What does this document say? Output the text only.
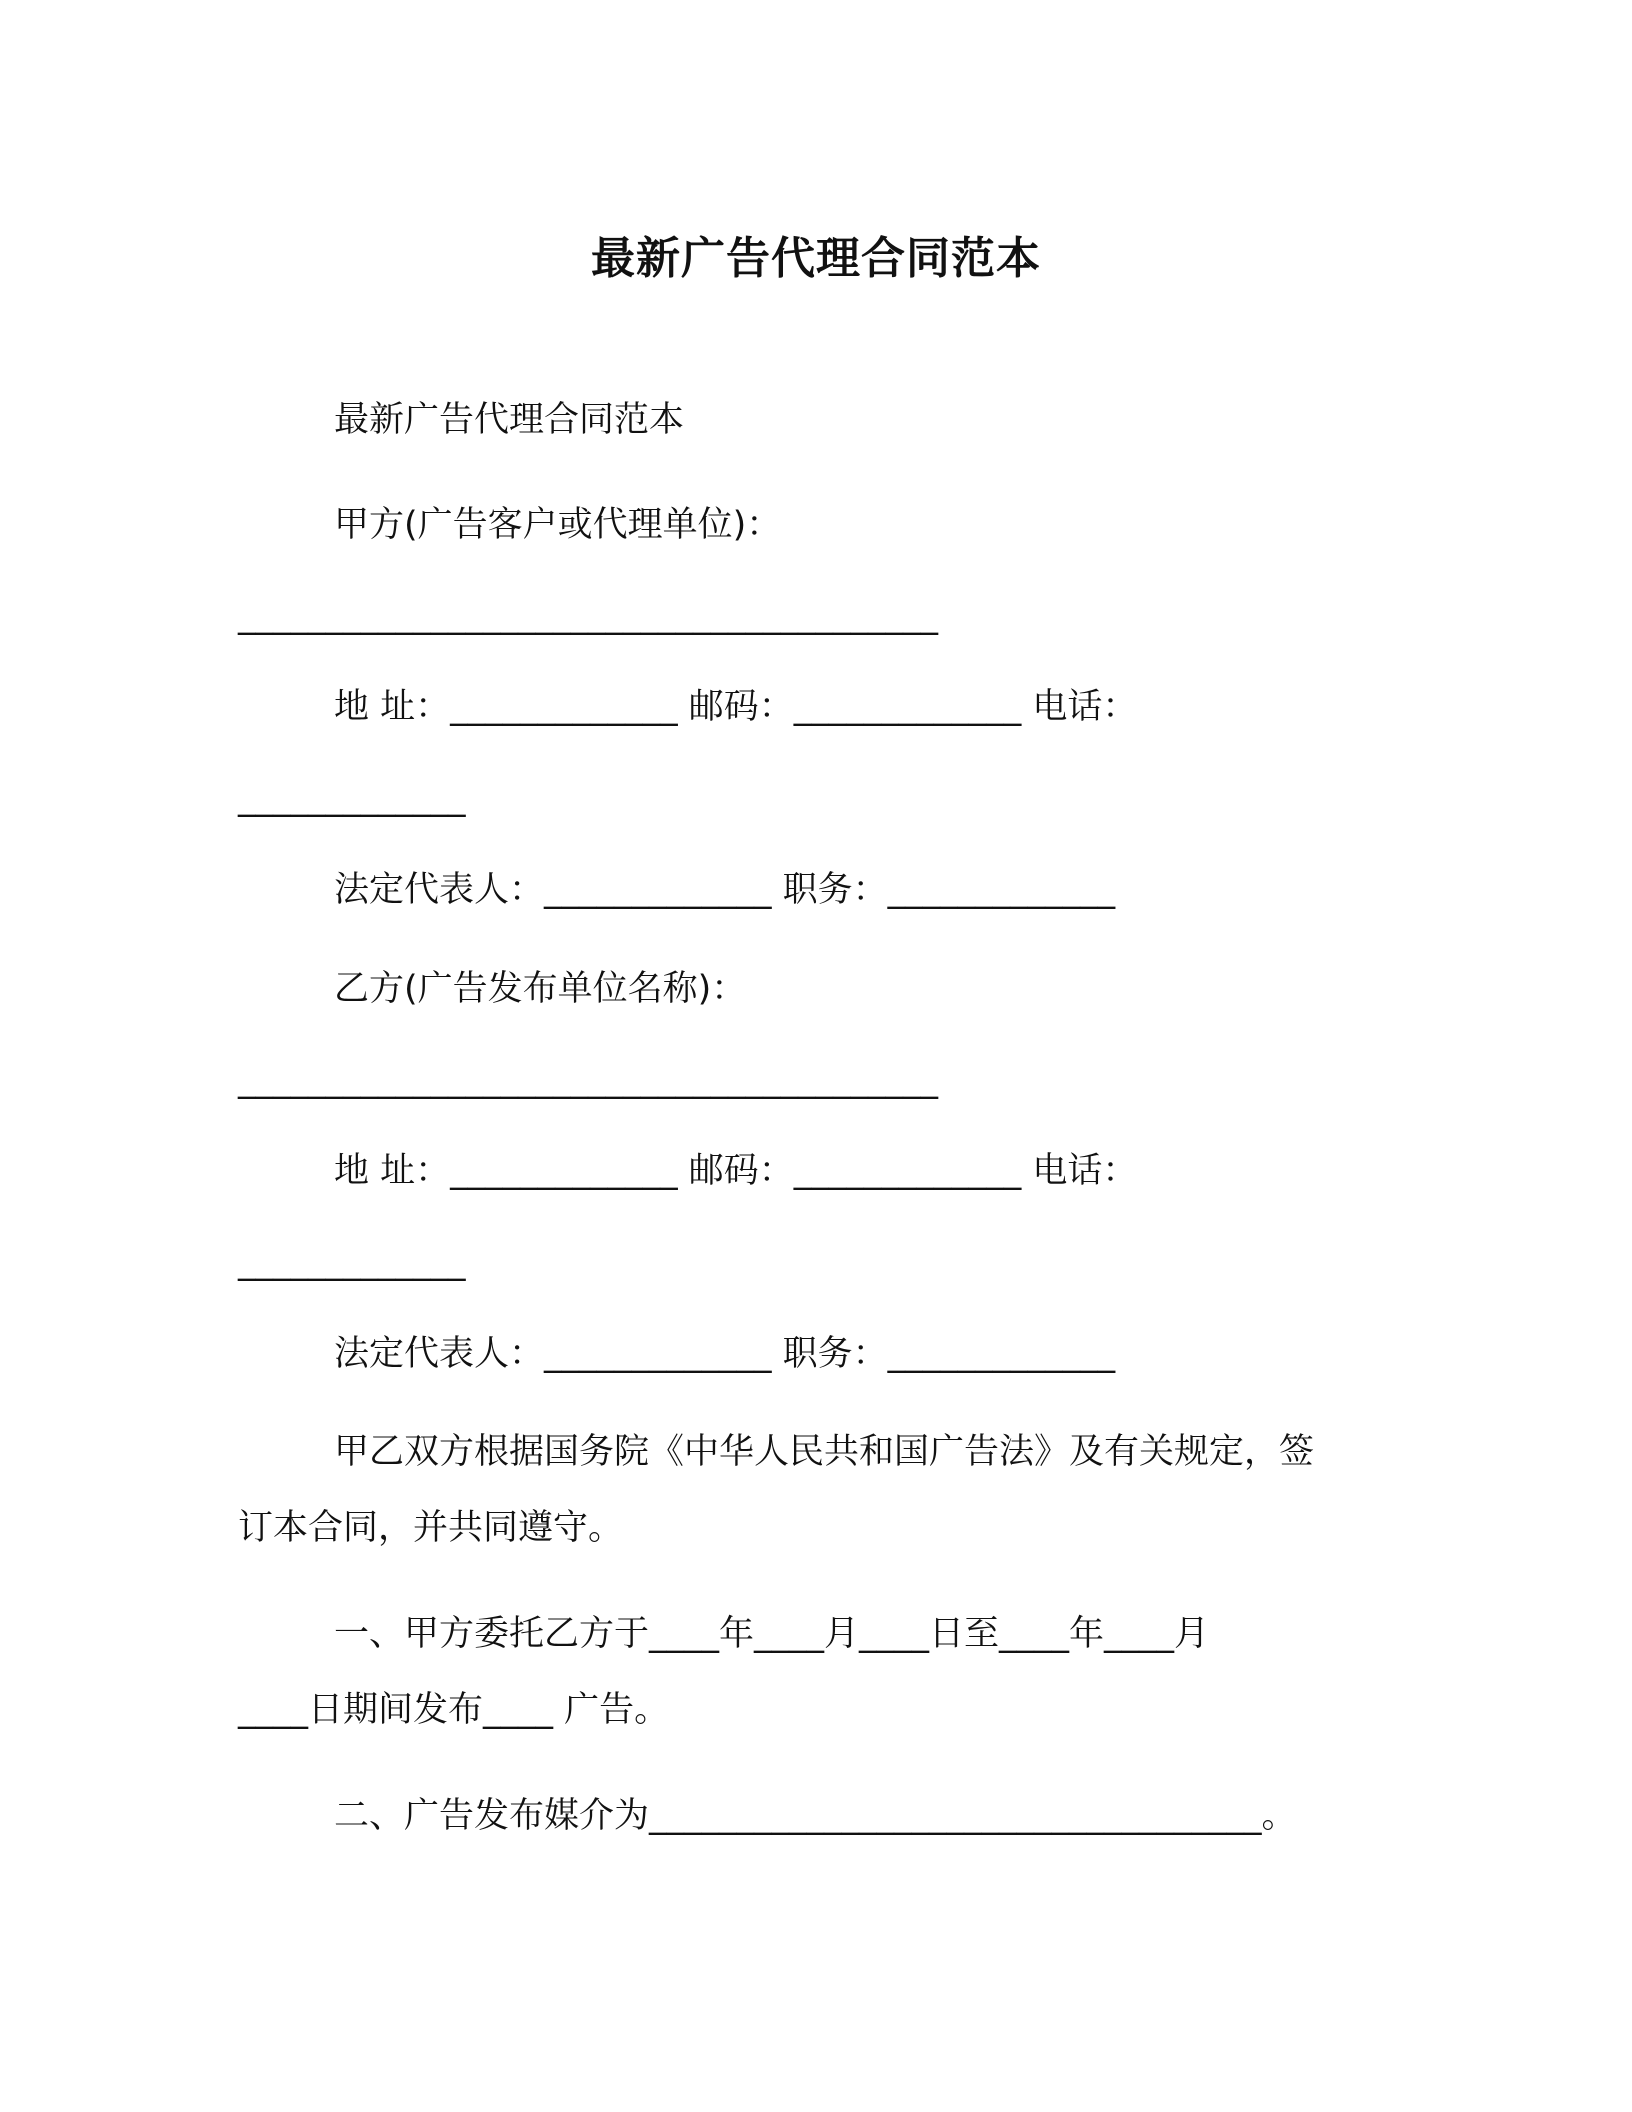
最新广告代理合同范本
最新广告代理合同范本
甲方(广告客户或代理单位)：
________________________________________
地 址：_____________ 邮码：_____________ 电话：
_____________
法定代表人：_____________ 职务：_____________
乙方(广告发布单位名称)：
________________________________________
地 址：_____________ 邮码：_____________ 电话：
_____________
法定代表人：_____________ 职务：_____________
甲乙双方根据国务院《中华人民共和国广告法》及有关规定，签
订本合同，并共同遵守。
一、甲方委托乙方于____年____月____日至____年____月
____日期间发布____ 广告。
二、广告发布媒介为___________________________________。
